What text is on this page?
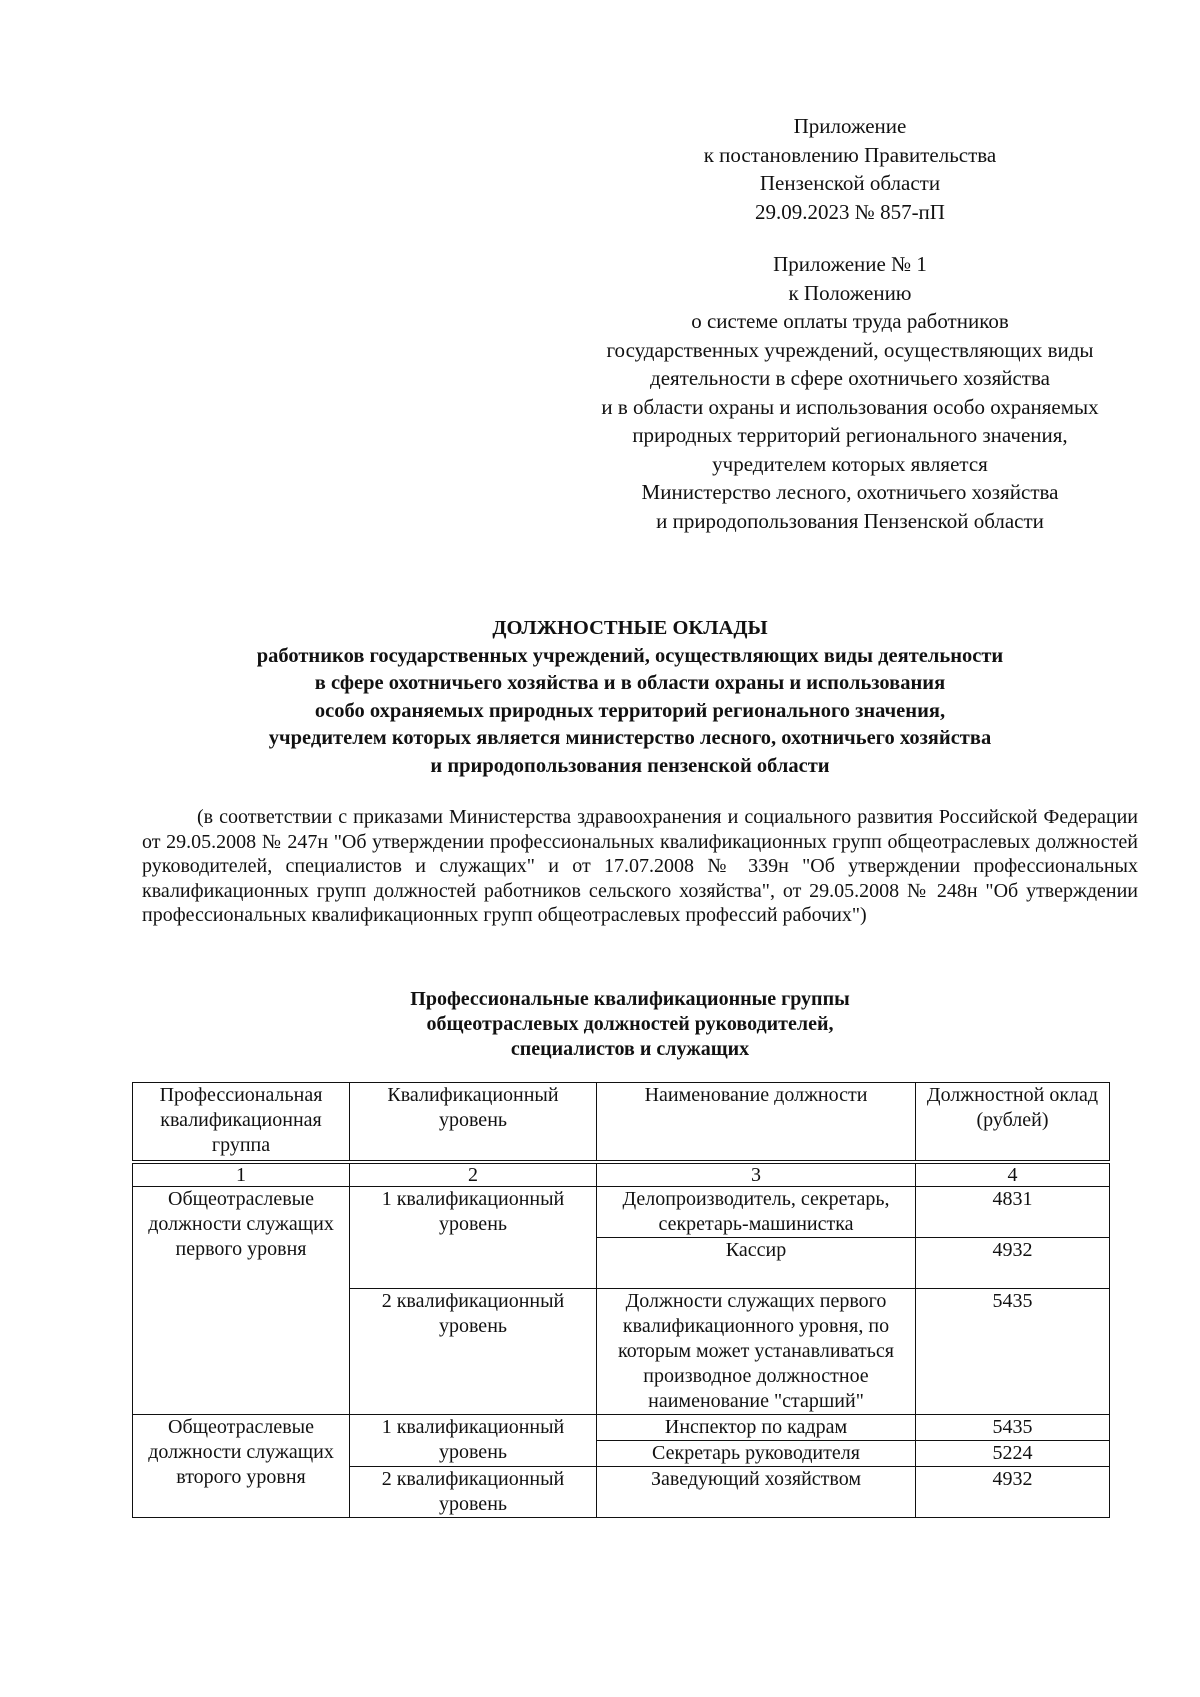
Приложение
к постановлению Правительства
Пензенской области
29.09.2023 № 857-пП
Приложение № 1
к Положению
о системе оплаты труда работников
государственных учреждений, осуществляющих виды
деятельности в сфере охотничьего хозяйства
и в области охраны и использования особо охраняемых
природных территорий регионального значения,
учредителем которых является
Министерство лесного, охотничьего хозяйства
и природопользования Пензенской области
ДОЛЖНОСТНЫЕ ОКЛАДЫ
работников государственных учреждений, осуществляющих виды деятельности
в сфере охотничьего хозяйства и в области охраны и использования
особо охраняемых природных территорий регионального значения,
учредителем которых является министерство лесного, охотничьего хозяйства
и природопользования пензенской области
(в соответствии с приказами Министерства здравоохранения и социального развития Российской Федерации от 29.05.2008 № 247н "Об утверждении профессиональных квалификационных групп общеотраслевых должностей руководителей, специалистов и служащих" и от 17.07.2008 № 339н "Об утверждении профессиональных квалификационных групп должностей работников сельского хозяйства", от 29.05.2008 № 248н "Об утверждении профессиональных квалификационных групп общеотраслевых профессий рабочих")
Профессиональные квалификационные группы
общеотраслевых должностей руководителей,
специалистов и служащих
Профессиональная квалификационная группа	Квалификационный уровень	Наименование должности	Должностной оклад (рублей)

1	2	3	4
Общеотраслевые должности служащих первого уровня	1 квалификационный уровень	Делопроизводитель, секретарь, секретарь-машинистка	4831
		Кассир	4932
	2 квалификационный уровень	Должности служащих первого квалификационного уровня, по которым может устанавливаться производное должностное наименование "старший"	5435
Общеотраслевые должности служащих второго уровня	1 квалификационный уровень	Инспектор по кадрам	5435
		Секретарь руководителя	5224
	2 квалификационный уровень	Заведующий хозяйством	4932
